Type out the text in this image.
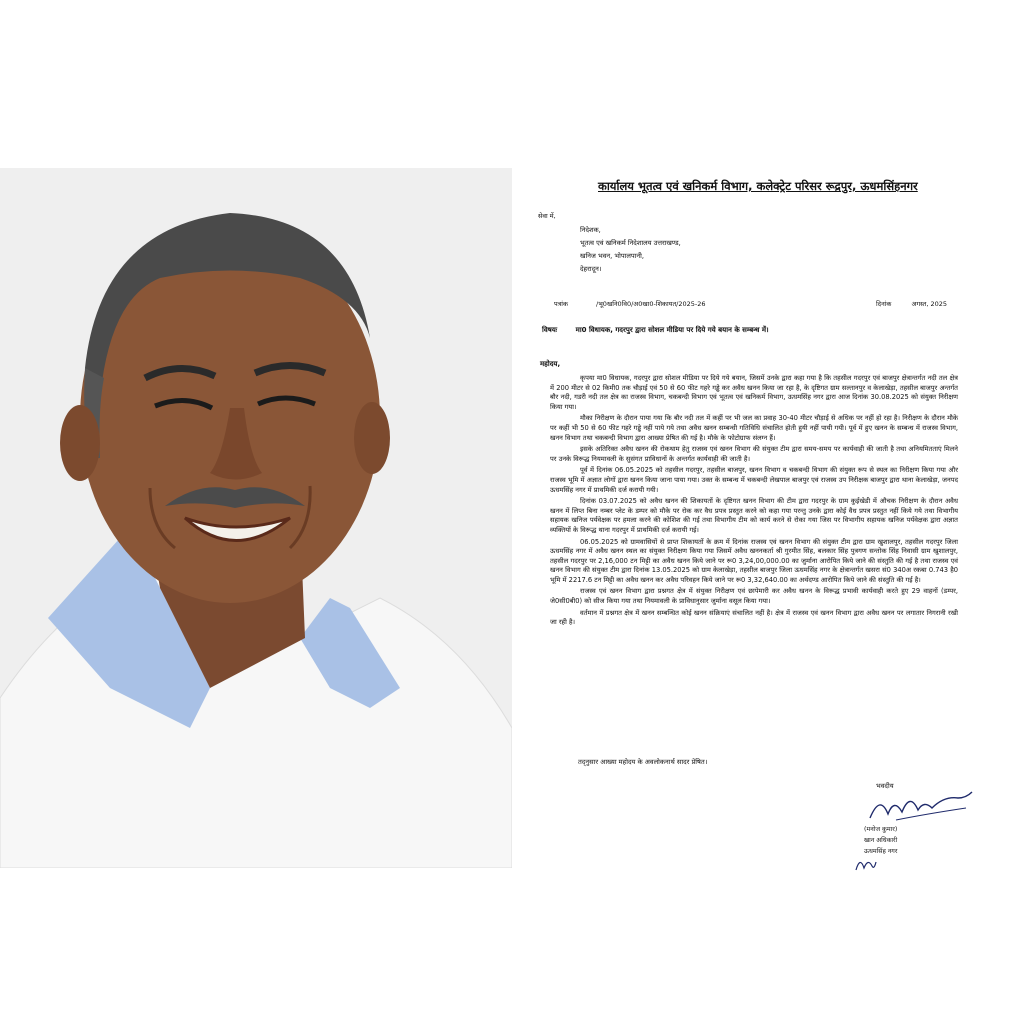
कार्यालय भूतत्व एवं खनिकर्म विभाग, कलेक्ट्रेट परिसर रूद्रपुर, ऊधमसिंहनगर
सेवा में,
निदेशक,
भूतत्व एवं खनिकर्म निदेशालय उत्तराखण्ड,
खनिज भवन, भोपालपानी,
देहरादून।
पत्रांक	/भू0खनि0वि0/अ0खा0-शिकायत/2025-26	दिनांक	अगस्त, 2025
विषयः	मा0 विधायक, गदरपुर द्वारा सोशल मीडिया पर दिये गये बयान के सम्बन्ध में।
महोदय,

कृपया मा0 विधायक, गदरपुर द्वारा सोशल मीडिया पर दिये गये बयान, जिसमें उनके द्वारा कहा गया है कि तहसील गदरपुर एवं बाजपुर क्षेत्रान्तर्गत नदी तल क्षेत्र में 200 मीटर से 02 किमी0 तक चौड़ाई एवं 50 से 60 फीट गहरे गड्ढे कर अवैध खनन किया जा रहा है, के दृष्टिगत ग्राम सल्तानपुर व केलाखेड़ा, तहसील बाजपुर अन्तर्गत बौर नदी, गडरी नदी तल क्षेत्र का राजस्व विभाग, चकबन्दी विभाग एवं भूतत्व एवं खनिकर्म विभाग, ऊधमसिंह नगर द्वारा आज दिनांक 30.08.2025 को संयुक्त निरीक्षण किया गया।

मौका निरीक्षण के दौरान पाया गया कि बौर नदी तल में कहीं पर भी जल का प्रवाह 30-40 मीटर चौड़ाई से अधिक पर नहीं हो रहा है। निरीक्षण के दौरान मौके पर कहीं भी 50 से 60 फीट गहरे गड्ढे नहीं पाये गये तथा अवैध खनन सम्बन्धी गतिविधि संचालित होती हुयी नहीं पायी गयी। पूर्व में हुए खनन के सम्बन्ध में राजस्व विभाग, खनन विभाग तथा चकबन्दी विभाग द्वारा आख्या प्रेषित की गई है। मौके के फोटोग्राफ संलग्न हैं।

इसके अतिरिक्त अवैध खनन की रोकथाम हेतु राजस्व एवं खनन विभाग की संयुक्त टीम द्वारा समय-समय पर कार्यवाही की जाती है तथा अनियमितताएं मिलने पर उनके विरूद्ध नियमावली के सुसंगत प्राविधानों के अन्तर्गत कार्यवाही की जाती है।

पूर्व में दिनांक 06.05.2025 को तहसील गदरपुर, तहसील बाजपुर, खनन विभाग व चकबन्दी विभाग की संयुक्त रूप से स्थल का निरीक्षण किया गया और राजस्व भूमि में अज्ञात लोगों द्वारा खनन किया जाना पाया गया। उक्त के सम्बन्ध में चकबन्दी लेखपाल बाजपुर एवं राजस्व उप निरीक्षक बाजपुर द्वारा थाना केलाखेड़ा, जनपद ऊधमसिंह नगर में प्राथमिकी दर्ज करायी गयी।

दिनांक 03.07.2025 को अवैध खनन की शिकायतों के दृष्टिगत खनन विभाग की टीम द्वारा गदरपुर के ग्राम कुईखेडी में औचक निरीक्षण के दौरान अवैध खनन में लिप्त बिना नम्बर प्लेट के डम्पर को मौके पर रोक कर वैध प्रपत्र प्रस्तुत करने को कहा गया परन्तु उनके द्वारा कोई वैध प्रपत्र प्रस्तुत नहीं किये गये तथा विभागीय सहायक खनिज पर्यवेक्षक पर हमला करने की कोशिश की गई तथा विभागीय टीम को कार्य करने से रोका गया जिस पर विभागीय सहायक खनिज पर्यवेक्षक द्वारा अज्ञात व्यक्तियों के विरूद्ध थाना गदरपुर में प्राथमिकी दर्ज करायी गई।

06.05.2025 को ग्रामवासियों से प्राप्त शिकायतों के क्रम में दिनांक राजस्व एवं खनन विभाग की संयुक्त टीम द्वारा ग्राम खुशालपुर, तहसील गदरपुर जिला ऊधमसिंह नगर में अवैध खनन स्थल का संयुक्त निरीक्षण किया गया जिसमें अवैध खननकर्ता श्री गुरमीत सिंह, बलकार सिंह पुत्रगण सन्तोक सिंह निवासी ग्राम खुशालपुर, तहसील गदरपुर पर 2,16,000 टन मिट्टी का अवैध खनन किये जाने पर रू0 3,24,00,000.00 का जुर्माना आरोपित किये जाने की संस्तुति की गई है तथा राजस्व एवं खनन विभाग की संयुक्त टीम द्वारा दिनांक 13.05.2025 को ग्राम केलाखेड़ा, तहसील बाजपुर जिला ऊधमसिंह नगर के क्षेत्रान्तर्गत खसरा सं0 340अ रकबा 0.743 है0 भूमि में 2217.6 टन मिट्टी का अवैध खनन कर अवैध परिवहन किये जाने पर रू0 3,32,640.00 का अर्थदण्ड आरोपित किये जाने की संस्तुति की गई है।

राजस्व एवं खनन विभाग द्वारा प्रश्नगत क्षेत्र में संयुक्त निरीक्षण एवं छापेमारी कर अवैध खनन के विरूद्ध प्रभावी कार्यवाही करते हुए 29 वाहनों (डम्पर, जे0सी0बी0) को सीज किया गया तथा नियमावली के प्राविधानुसार जुर्माना वसूल किया गया।

वर्तमान में प्रश्नगत क्षेत्र में खनन सम्बन्धित कोई खनन संक्रियाएं संचालित नहीं है। क्षेत्र में राजस्व एवं खनन विभाग द्वारा अवैध खनन पर लगातार निगरानी रखी जा रही है।

तद्नुसार आख्या महोदय के अवलोकनार्थ सादर प्रेषित।
भवदीय
(मनोज कुमार)
खान अधिकारी
ऊधमसिंह नगर
